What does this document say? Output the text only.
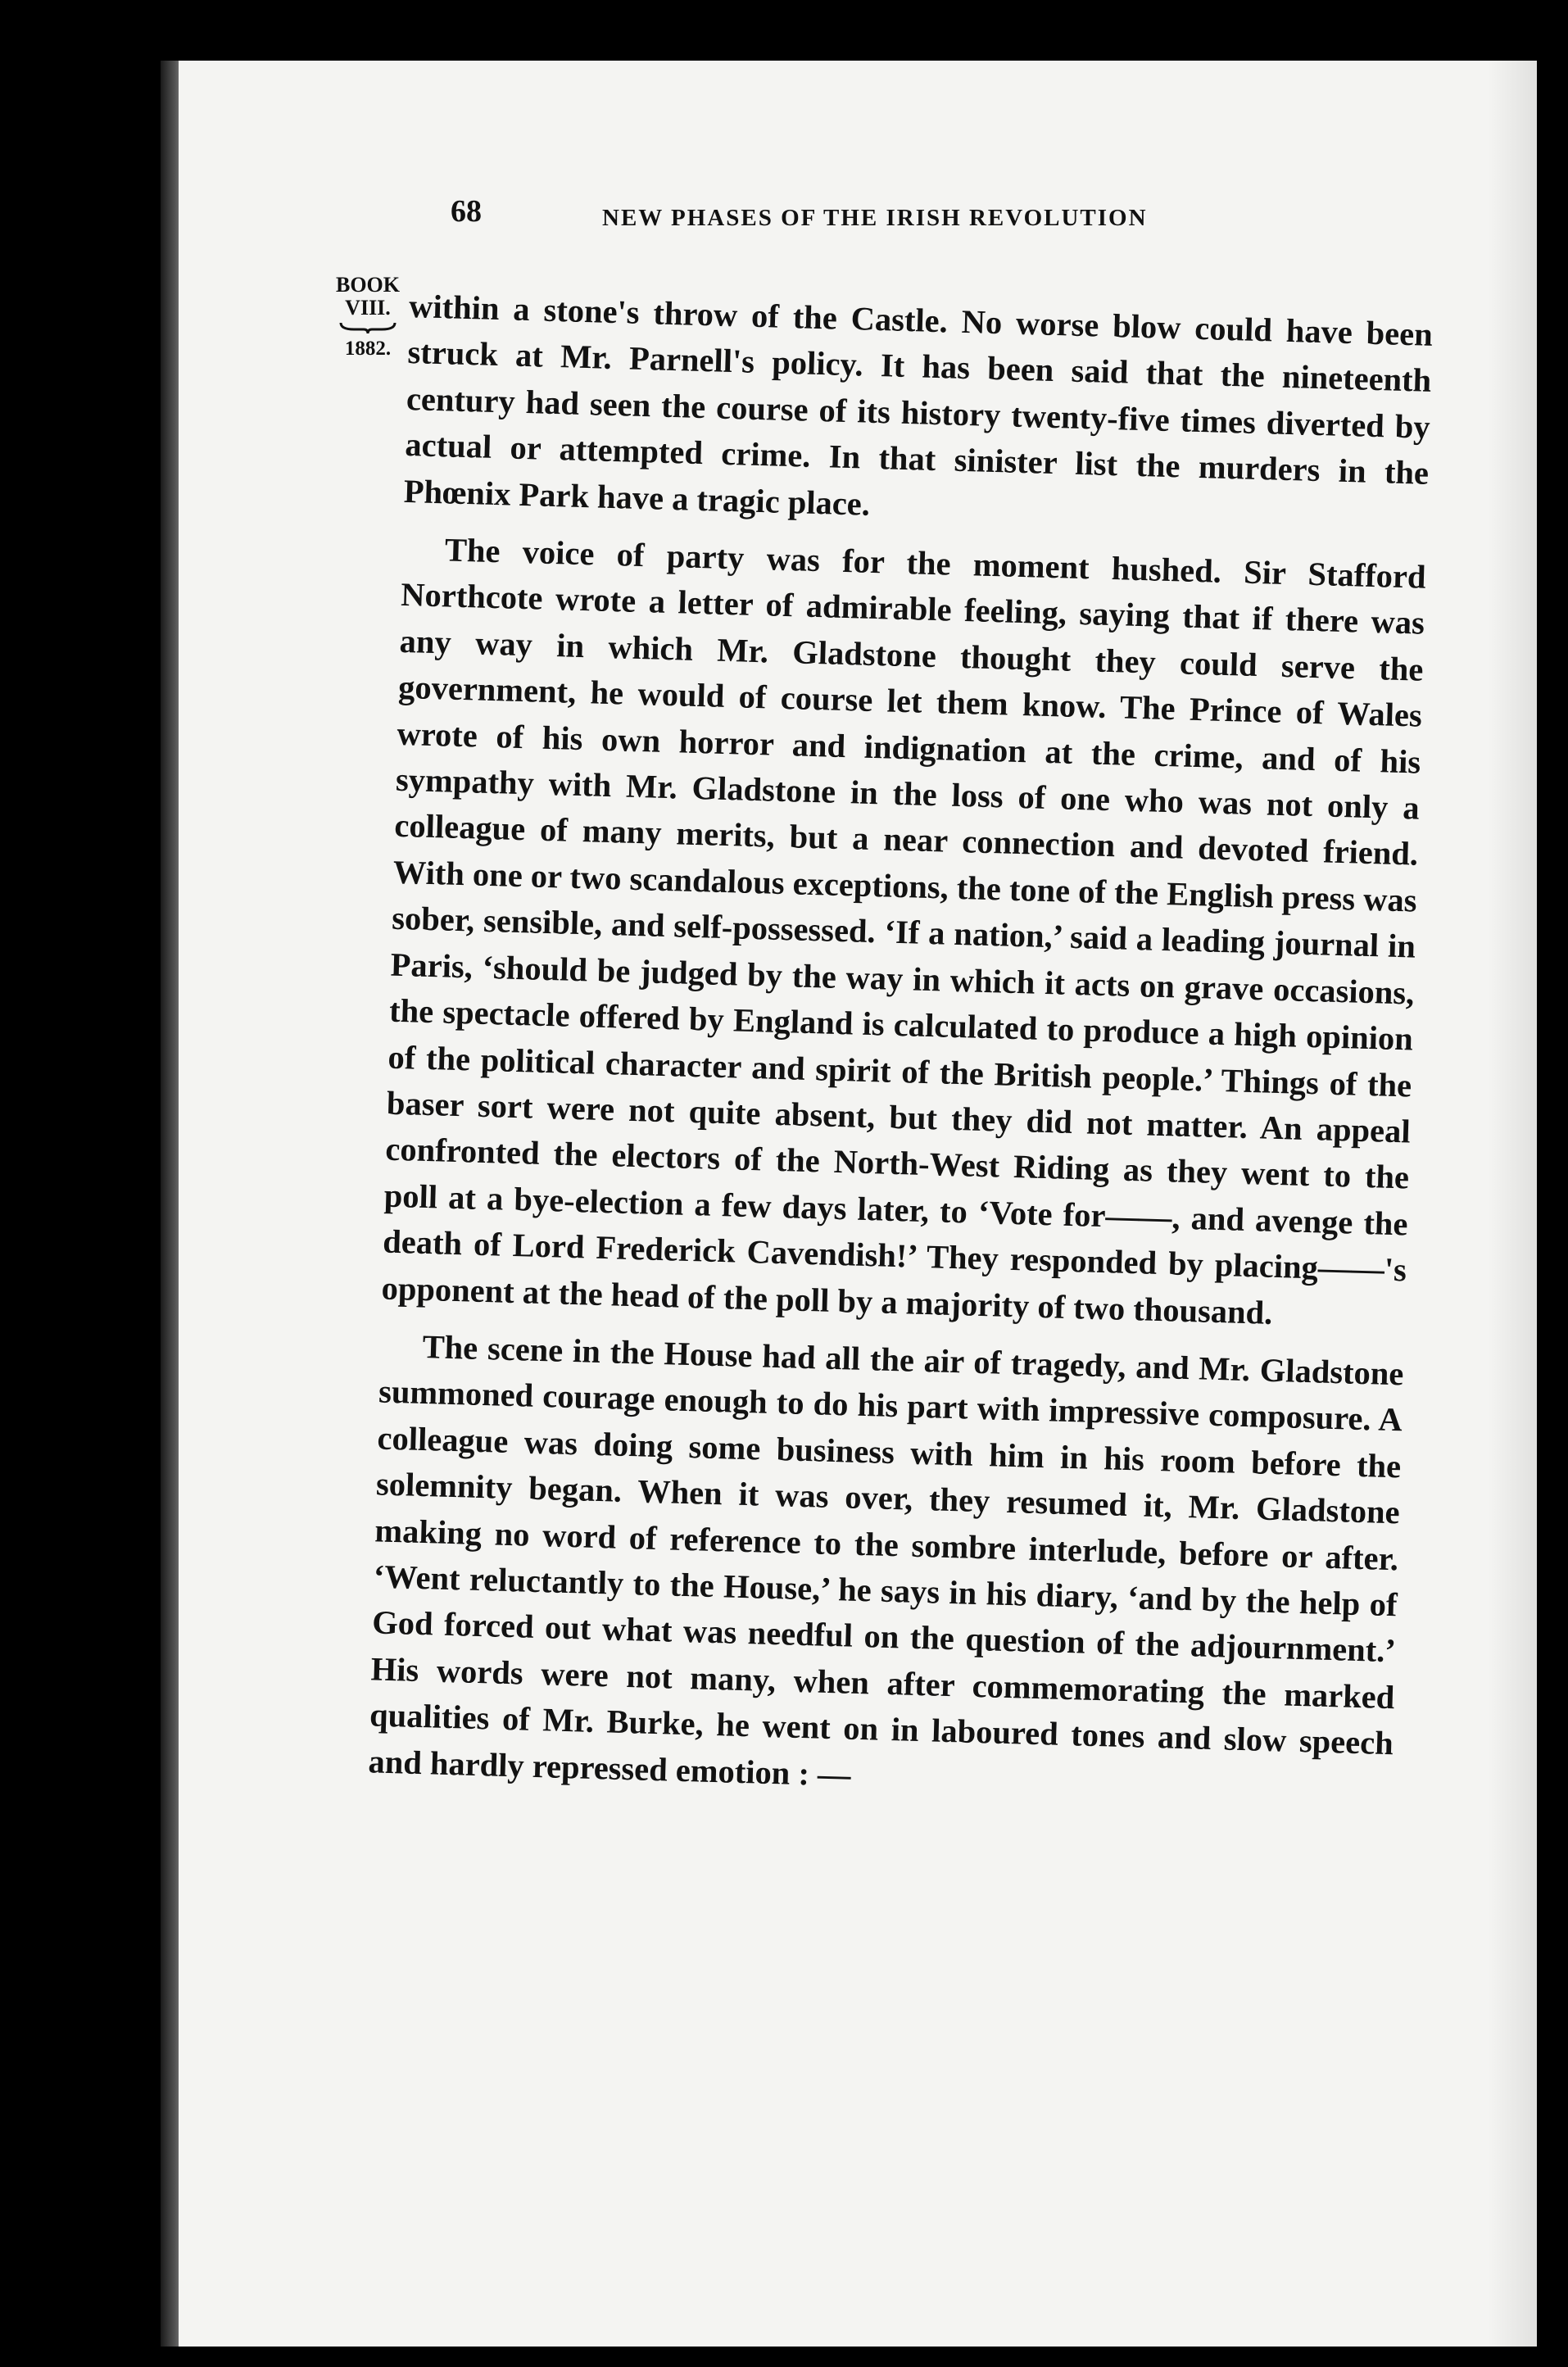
68	NEW PHASES OF THE IRISH REVOLUTION
BOOK
VIII.
1882. within a stone's throw of the Castle. No worse blow could have been struck at Mr. Parnell's policy. It has been said that the nineteenth century had seen the course of its history twenty-five times diverted by actual or attempted crime. In that sinister list the murders in the Phœnix Park have a tragic place.

The voice of party was for the moment hushed. Sir Stafford Northcote wrote a letter of admirable feeling, saying that if there was any way in which Mr. Gladstone thought they could serve the government, he would of course let them know. The Prince of Wales wrote of his own horror and indignation at the crime, and of his sympathy with Mr. Gladstone in the loss of one who was not only a colleague of many merits, but a near connection and devoted friend. With one or two scandalous exceptions, the tone of the English press was sober, sensible, and self-possessed. ‘If a nation,’ said a leading journal in Paris, ‘should be judged by the way in which it acts on grave occasions, the spectacle offered by England is calculated to produce a high opinion of the political character and spirit of the British people.’ Things of the baser sort were not quite absent, but they did not matter. An appeal confronted the electors of the North-West Riding as they went to the poll at a bye-election a few days later, to ‘Vote for——, and avenge the death of Lord Frederick Cavendish!’ They responded by placing——'s opponent at the head of the poll by a majority of two thousand.

The scene in the House had all the air of tragedy, and Mr. Gladstone summoned courage enough to do his part with impressive composure. A colleague was doing some business with him in his room before the solemnity began. When it was over, they resumed it, Mr. Gladstone making no word of reference to the sombre interlude, before or after. ‘Went reluctantly to the House,’ he says in his diary, ‘and by the help of God forced out what was needful on the question of the adjournment.’ His words were not many, when after commemorating the marked qualities of Mr. Burke, he went on in laboured tones and slow speech and hardly repressed emotion : —
